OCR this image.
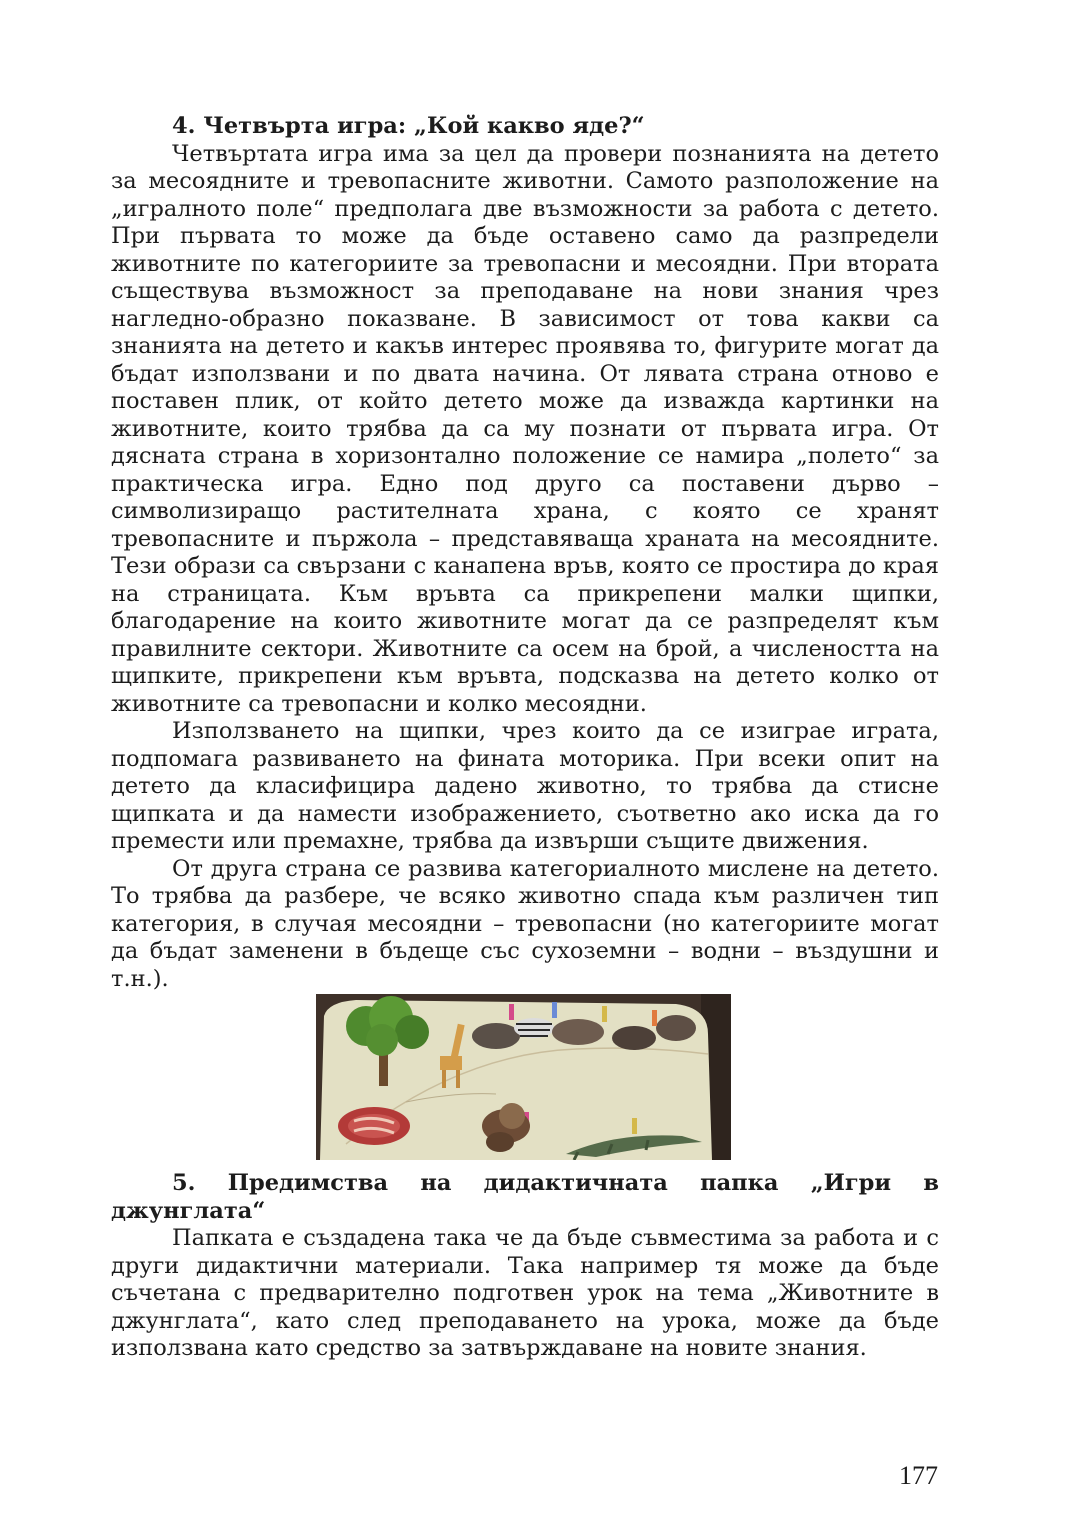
4. Четвърта игра: „Кой какво яде?“

Четвъртата игра има за цел да провери познанията на детето за месоядните и тревопасните животни. Самото разположение на „игралното поле“ предполага две възможности за работа с детето. При първата то може да бъде оставено само да разпредели животните по категориите за тревопасни и месоядни. При втората съществува възможност за преподаване на нови знания чрез нагледно-образно показване. В зависимост от това какви са знанията на детето и какъв интерес проявява то, фигурите могат да бъдат използвани и по двата начина. От лявата страна отново е поставен плик, от който детето може да изважда картинки на животните, които трябва да са му познати от първата игра. От дясната страна в хоризонтално положение се намира „полето“ за практическа игра. Едно под друго са поставени дърво – символизиращо растителната храна, с която се хранят тревопасните и пържола – представяваща храната на месоядните. Тези образи са свързани с канапена връв, която се простира до края на страницата. Към връвта са прикрепени малки щипки, благодарение на които животните могат да се разпределят към правилните сектори. Животните са осем на брой, а числеността на щипките, прикрепени към връвта, подсказва на детето колко от животните са тревопасни и колко месоядни.

Използването на щипки, чрез които да се изиграе играта, подпомага развиването на фината моторика. При всеки опит на детето да класифицира дадено животно, то трябва да стисне щипката и да намести изображението, съответно ако иска да го премести или премахне, трябва да извърши същите движения.

От друга страна се развива категориалното мислене на детето. То трябва да разбере, че всяко животно спада към различен тип категория, в случая месоядни – тревопасни (но категориите могат да бъдат заменени в бъдеще със сухоземни – водни – въздушни и т.н.).

5. Предимства на дидактичната папка „Игри в джунглата“

Папката е създадена така че да бъде съвместима за работа и с други дидактични материали. Така например тя може да бъде съчетана с предварително подготвен урок на тема „Животните в джунглата“, като след преподаването на урока, може да бъде използвана като средство за затвърждаване на новите знания.

177
